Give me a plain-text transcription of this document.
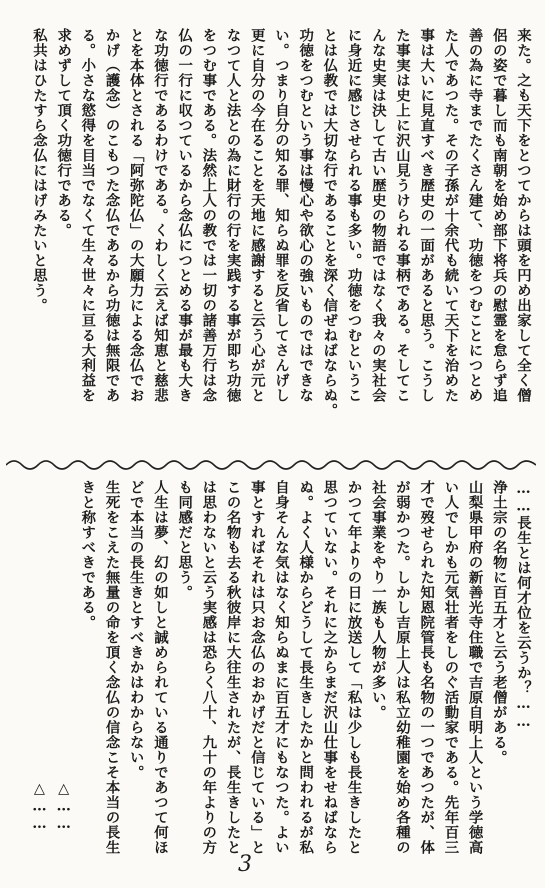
来た。之も天下をとつてからは頭を円め出家して全く僧
侶の姿で暮し而も南朝を始め部下将兵の慰霊を怠らず追
善の為に寺までたくさん建て、功徳をつむことにつとめ
た人であつた。その子孫が十余代も続いて天下を治めた
事は大いに見直すべき歴史の一面があると思う。こうし
た事実は史上に沢山見うけられる事柄である。そしてこ
んな史実は決して古い歴史の物語ではなく我々の実社会
に身近に感じさせられる事も多い。功徳をつむというこ
とは仏教では大切な行であることを深く信ぜねばならぬ。
功徳をつむという事は慢心や欲心の強いものではできな
い。つまり自分の知る罪、知らぬ罪を反省してさんげし
更に自分の今在ることを天地に感謝すると云う心が元と
なつて人と法との為に財行の行を実践する事が即ち功徳
をつむ事である。法然上人の教では一切の諸善万行は念
仏の一行に収つているから念仏につとめる事が最も大き
な功徳行であるわけである。くわしく云えば知恵と慈悲
とを本体とされる「阿弥陀仏」の大願力による念仏でお
かげ（護念）のこもつた念仏であるから功徳は無限であ
る。小さな慾得を目当でなくて生々世々に亘る大利益を
求めずして頂く功徳行である。
私共はひたすら念仏にはげみたいと思う。
……長生とは何才位を云うか？……
浄土宗の名物に百五才と云う老僧がある。
山梨県甲府の新善光寺住職で吉原自明上人という学徳高
い人でしかも元気壮者をしのぐ活動家である。先年百三
才で歿せられた知恩院管長も名物の一つであつたが、体
が弱かつた。しかし吉原上人は私立幼稚園を始め各種の
社会事業をやり一族も人物が多い。
かつて年よりの日に放送して「私は少しも長生きしたと
思つていない。それに之からまだ沢山仕事をせねばなら
ぬ。よく人様からどうして長生きしたかと問われるが私
自身そんな気はなく知らぬまに百五才にもなつた。よい
事とすればそれは只お念仏のおかげだと信じている」と
この名物も去る秋彼岸に大往生されたが、長生きしたと
は思わないと云う実感は恐らく八十、九十の年よりの方
も同感だと思う。
人生は夢、幻の如しと誠められている通りであつて何ほ
どで本当の長生きとすべきかはわからない。
生死をこえた無量の命を頂く念仏の信念こそ本当の長生
きと称すべきである。
△……
△……
3
